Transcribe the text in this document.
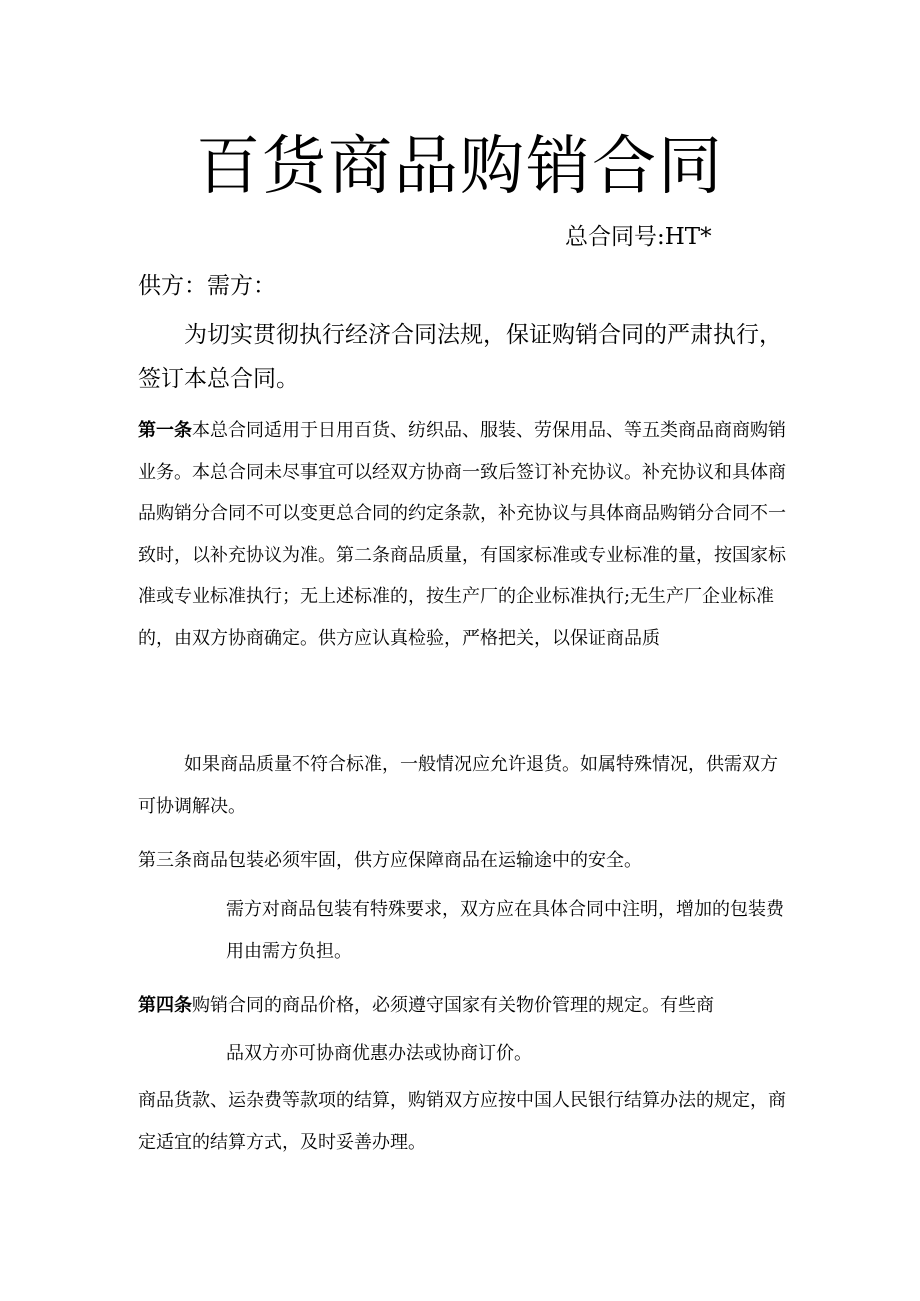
百货商品购销合同
总合同号:HT*
供方：需方：

为切实贯彻执行经济合同法规，保证购销合同的严肃执行，签订本总合同。

第一条本总合同适用于日用百货、纺织品、服装、劳保用品、等五类商品商商购销业务。本总合同未尽事宜可以经双方协商一致后签订补充协议。补充协议和具体商品购销分合同不可以变更总合同的约定条款，补充协议与具体商品购销分合同不一致时，以补充协议为准。第二条商品质量，有国家标准或专业标准的量，按国家标准或专业标准执行；无上述标准的，按生产厂的企业标准执行;无生产厂企业标准的，由双方协商确定。供方应认真检验，严格把关，以保证商品质

如果商品质量不符合标准，一般情况应允许退货。如属特殊情况，供需双方可协调解决。

第三条商品包装必须牢固，供方应保障商品在运输途中的安全。

需方对商品包装有特殊要求，双方应在具体合同中注明，增加的包装费用由需方负担。

第四条购销合同的商品价格，必须遵守国家有关物价管理的规定。有些商

品双方亦可协商优惠办法或协商订价。

商品货款、运杂费等款项的结算，购销双方应按中国人民银行结算办法的规定，商定适宜的结算方式，及时妥善办理。
